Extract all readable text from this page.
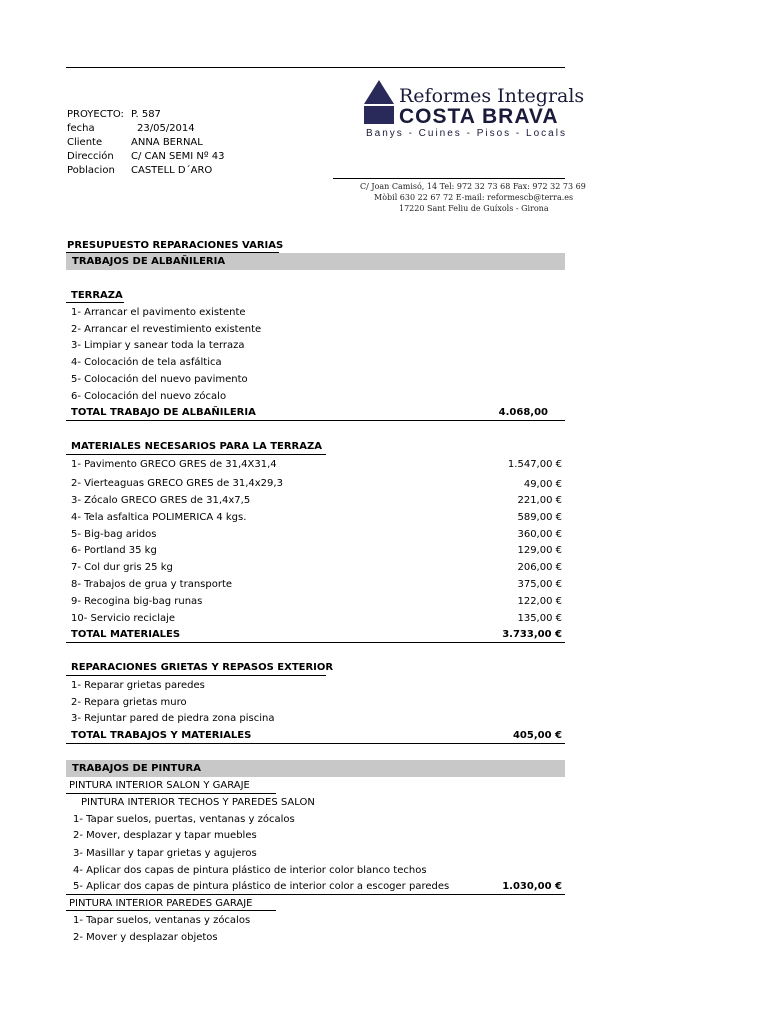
PROYECTO: P. 587
fecha	23/05/2014
Cliente	ANNA BERNAL
Dirección C/ CAN SEMI Nº 43
Poblacion CASTELL D´ARO
Reformes Integrals
COSTA BRAVA
Banys - Cuines - Pisos - Locals
C/ Joan Camisó, 14 Tel: 972 32 73 68 Fax: 972 32 73 69
Mòbil 630 22 67 72 E-mail: reformescb@terra.es
17220 Sant Feliu de Guíxols - Girona
PRESUPUESTO REPARACIONES VARIAS
TRABAJOS DE ALBAÑILERIA
TERRAZA
1- Arrancar el pavimento existente
2- Arrancar el revestimiento existente
3- Limpiar y sanear toda la terraza
4- Colocación de tela asfáltica
5- Colocación del nuevo pavimento
6- Colocación del nuevo zócalo
TOTAL TRABAJO DE ALBAÑILERIA	4.068,00
MATERIALES NECESARIOS PARA LA TERRAZA
1- Pavimento GRECO GRES de 31,4X31,4	1.547,00 €
2- Vierteaguas GRECO GRES de 31,4x29,3	49,00 €
3- Zócalo GRECO GRES de 31,4x7,5	221,00 €
4- Tela asfaltica POLIMERICA 4 kgs.	589,00 €
5- Big-bag aridos	360,00 €
6- Portland 35 kg	129,00 €
7- Col dur gris 25 kg	206,00 €
8- Trabajos de grua y transporte	375,00 €
9- Recogina big-bag runas	122,00 €
10- Servicio reciclaje	135,00 €
TOTAL MATERIALES	3.733,00 €
REPARACIONES GRIETAS Y REPASOS EXTERIOR
1- Reparar grietas paredes
2- Repara grietas muro
3- Rejuntar pared de piedra zona piscina
TOTAL TRABAJOS Y MATERIALES	405,00 €
TRABAJOS DE PINTURA
PINTURA INTERIOR SALON Y GARAJE
PINTURA INTERIOR TECHOS Y PAREDES SALON
1- Tapar suelos, puertas, ventanas y zócalos
2- Mover, desplazar y tapar muebles
3- Masillar y tapar grietas y agujeros
4- Aplicar dos capas de pintura plástico de interior color blanco techos
5- Aplicar dos capas de pintura plástico de interior color a escoger paredes	1.030,00 €
PINTURA INTERIOR PAREDES GARAJE
1- Tapar suelos, ventanas y zócalos
2- Mover y desplazar objetos
